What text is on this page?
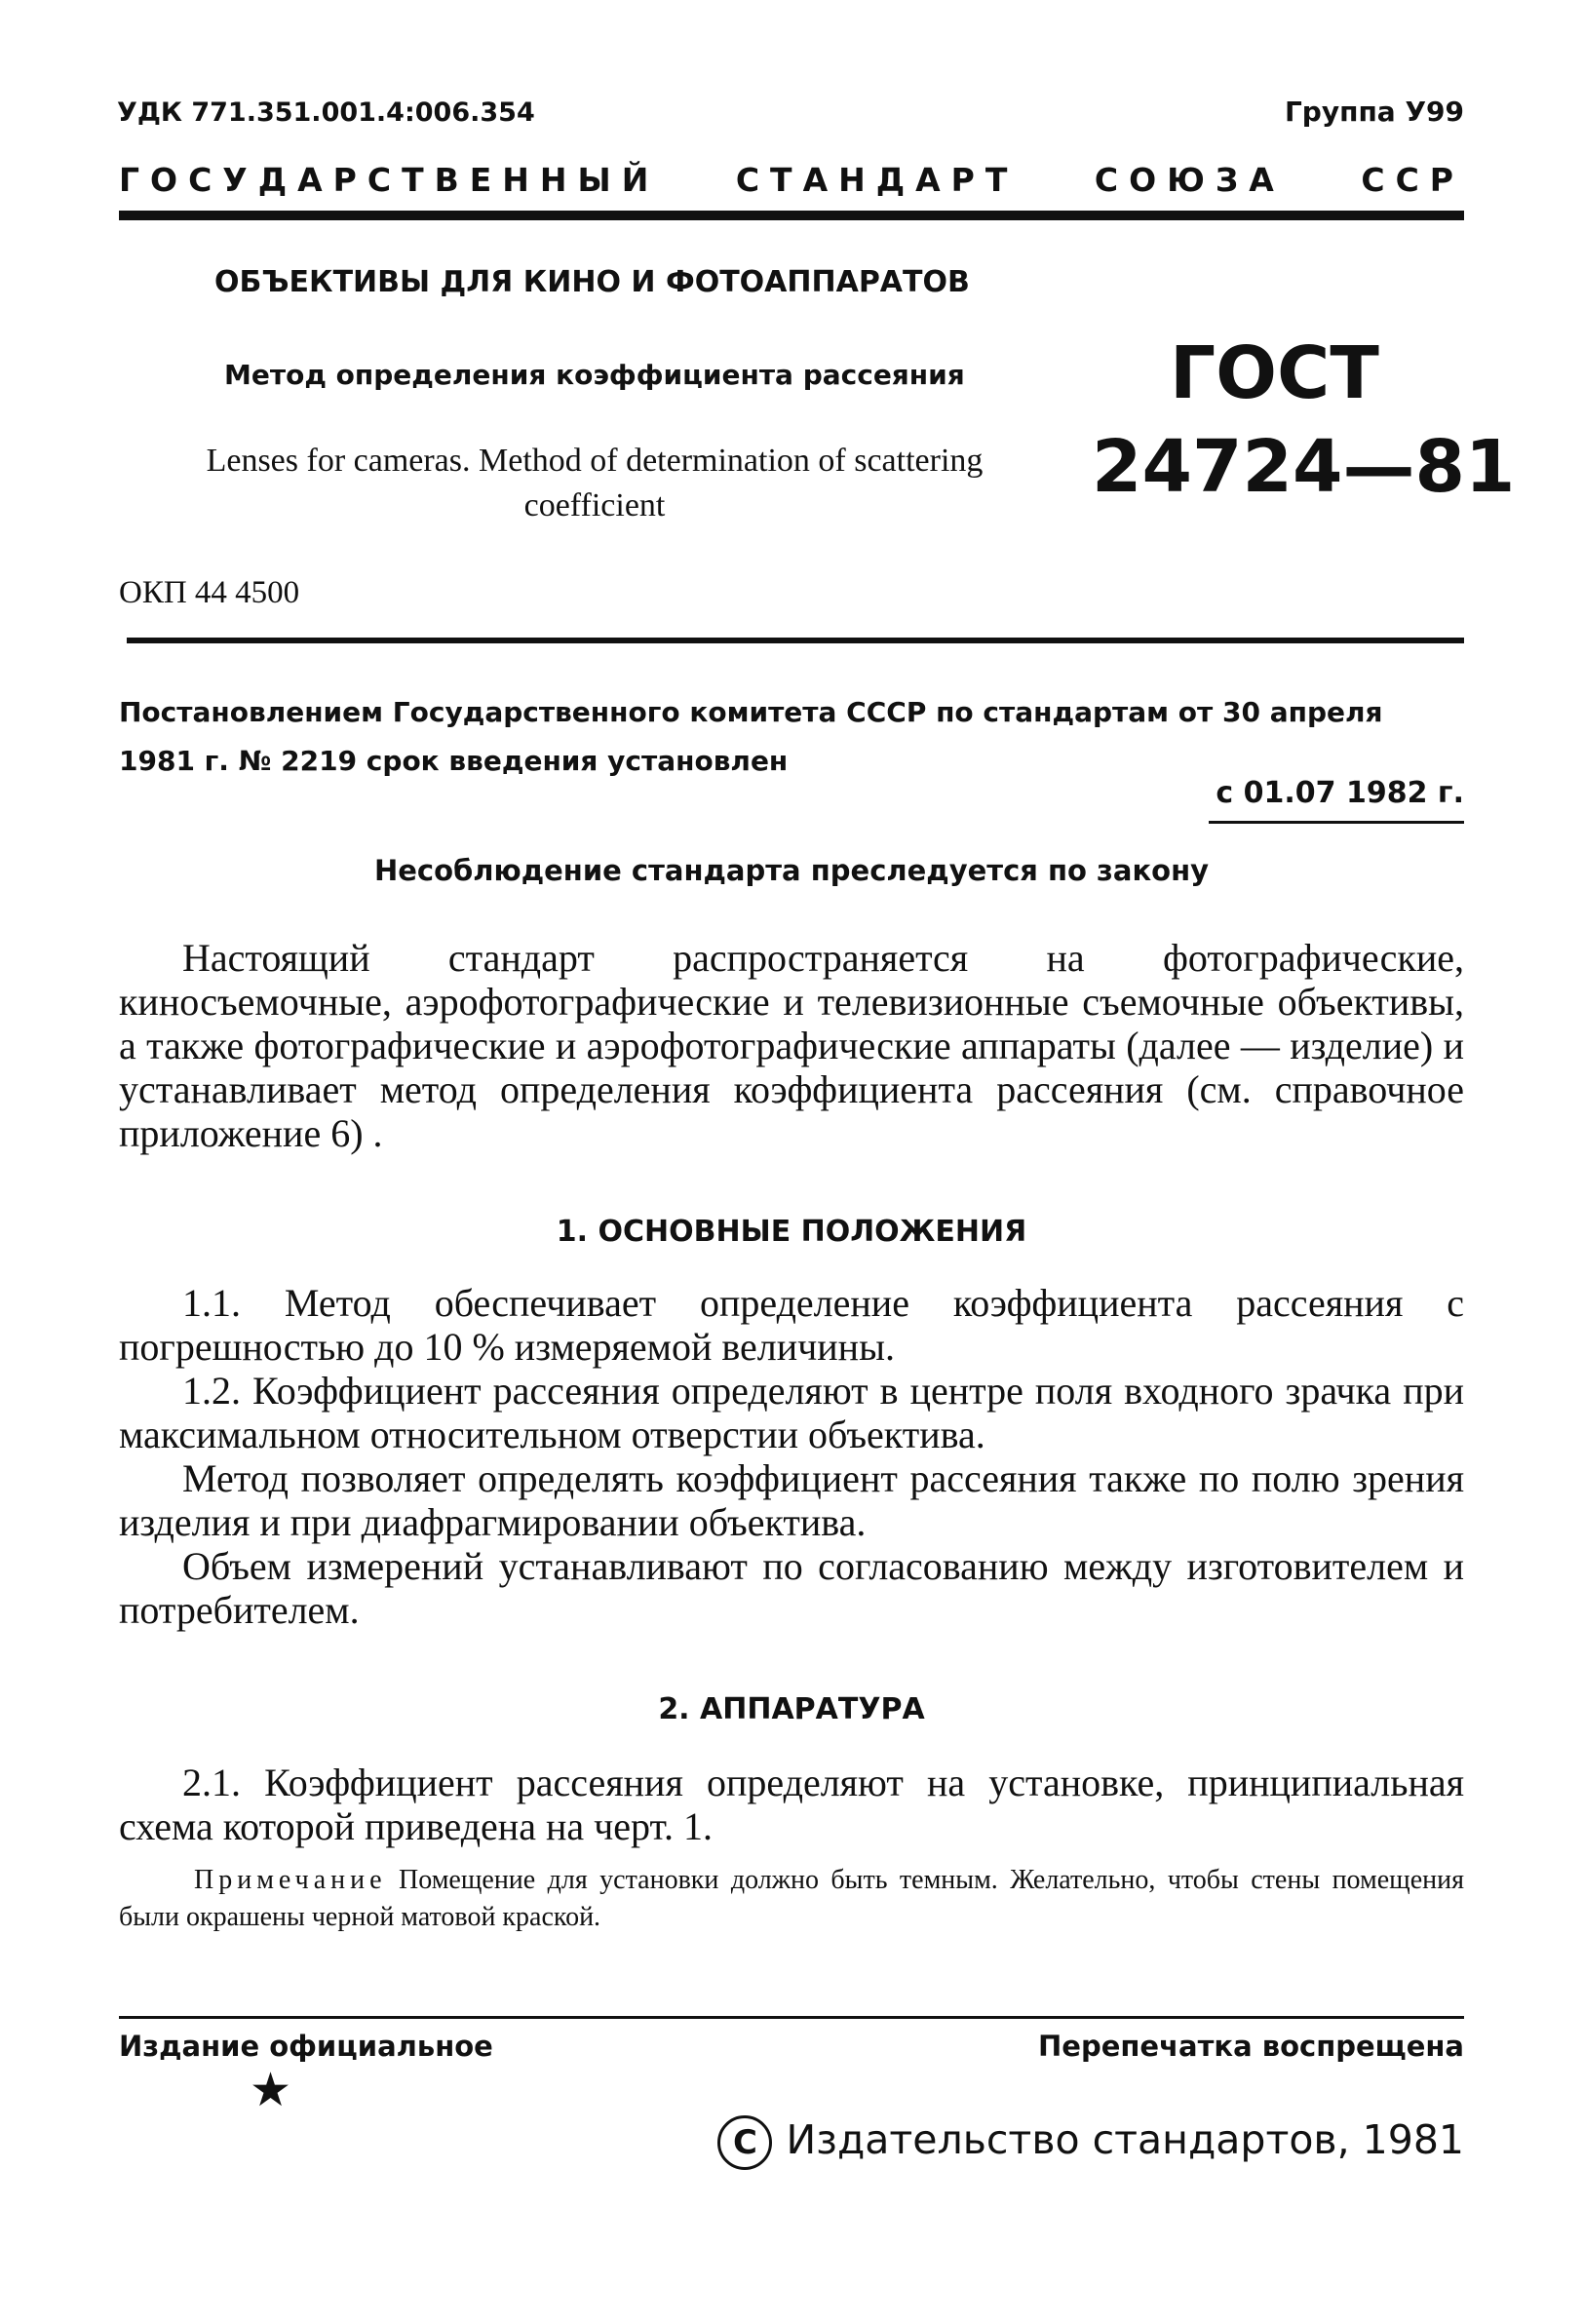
УДК 771.351.001.4:006.354	Группа У99
ГОСУДАРСТВЕННЫЙ СТАНДАРТ СОЮЗА ССР
ОБЪЕКТИВЫ ДЛЯ КИНО И ФОТОАППАРАТОВ
Метод определения коэффициента рассеяния
Lenses for cameras. Method of determination of scattering coefficient
ГОСТ
24724—81
ОКП 44 4500
Постановлением Государственного комитета СССР по стандартам от 30 апреля 1981 г. № 2219 срок введения установлен
с 01.07 1982 г.
Несоблюдение стандарта преследуется по закону
Настоящий стандарт распространяется на фотографические, киносъемочные, аэрофотографические и телевизионные съемочные объективы, а также фотографические и аэрофотографические аппараты (далее — изделие) и устанавливает метод определения коэффициента рассеяния (см. справочное приложение 6) .
1. ОСНОВНЫЕ ПОЛОЖЕНИЯ
1.1. Метод обеспечивает определение коэффициента рассеяния с погрешностью до 10 % измеряемой величины.
1.2. Коэффициент рассеяния определяют в центре поля входного зрачка при максимальном относительном отверстии объектива.
Метод позволяет определять коэффициент рассеяния также по полю зрения изделия и при диафрагмировании объектива.
Объем измерений устанавливают по согласованию между изготовителем и потребителем.
2. АППАРАТУРА
2.1. Коэффициент рассеяния определяют на установке, принципиальная схема которой приведена на черт. 1.
Примечание Помещение для установки должно быть темным. Желательно, чтобы стены помещения были окрашены черной матовой краской.
Издание официальное	Перепечатка воспрещена
★
C Издательство стандартов, 1981
